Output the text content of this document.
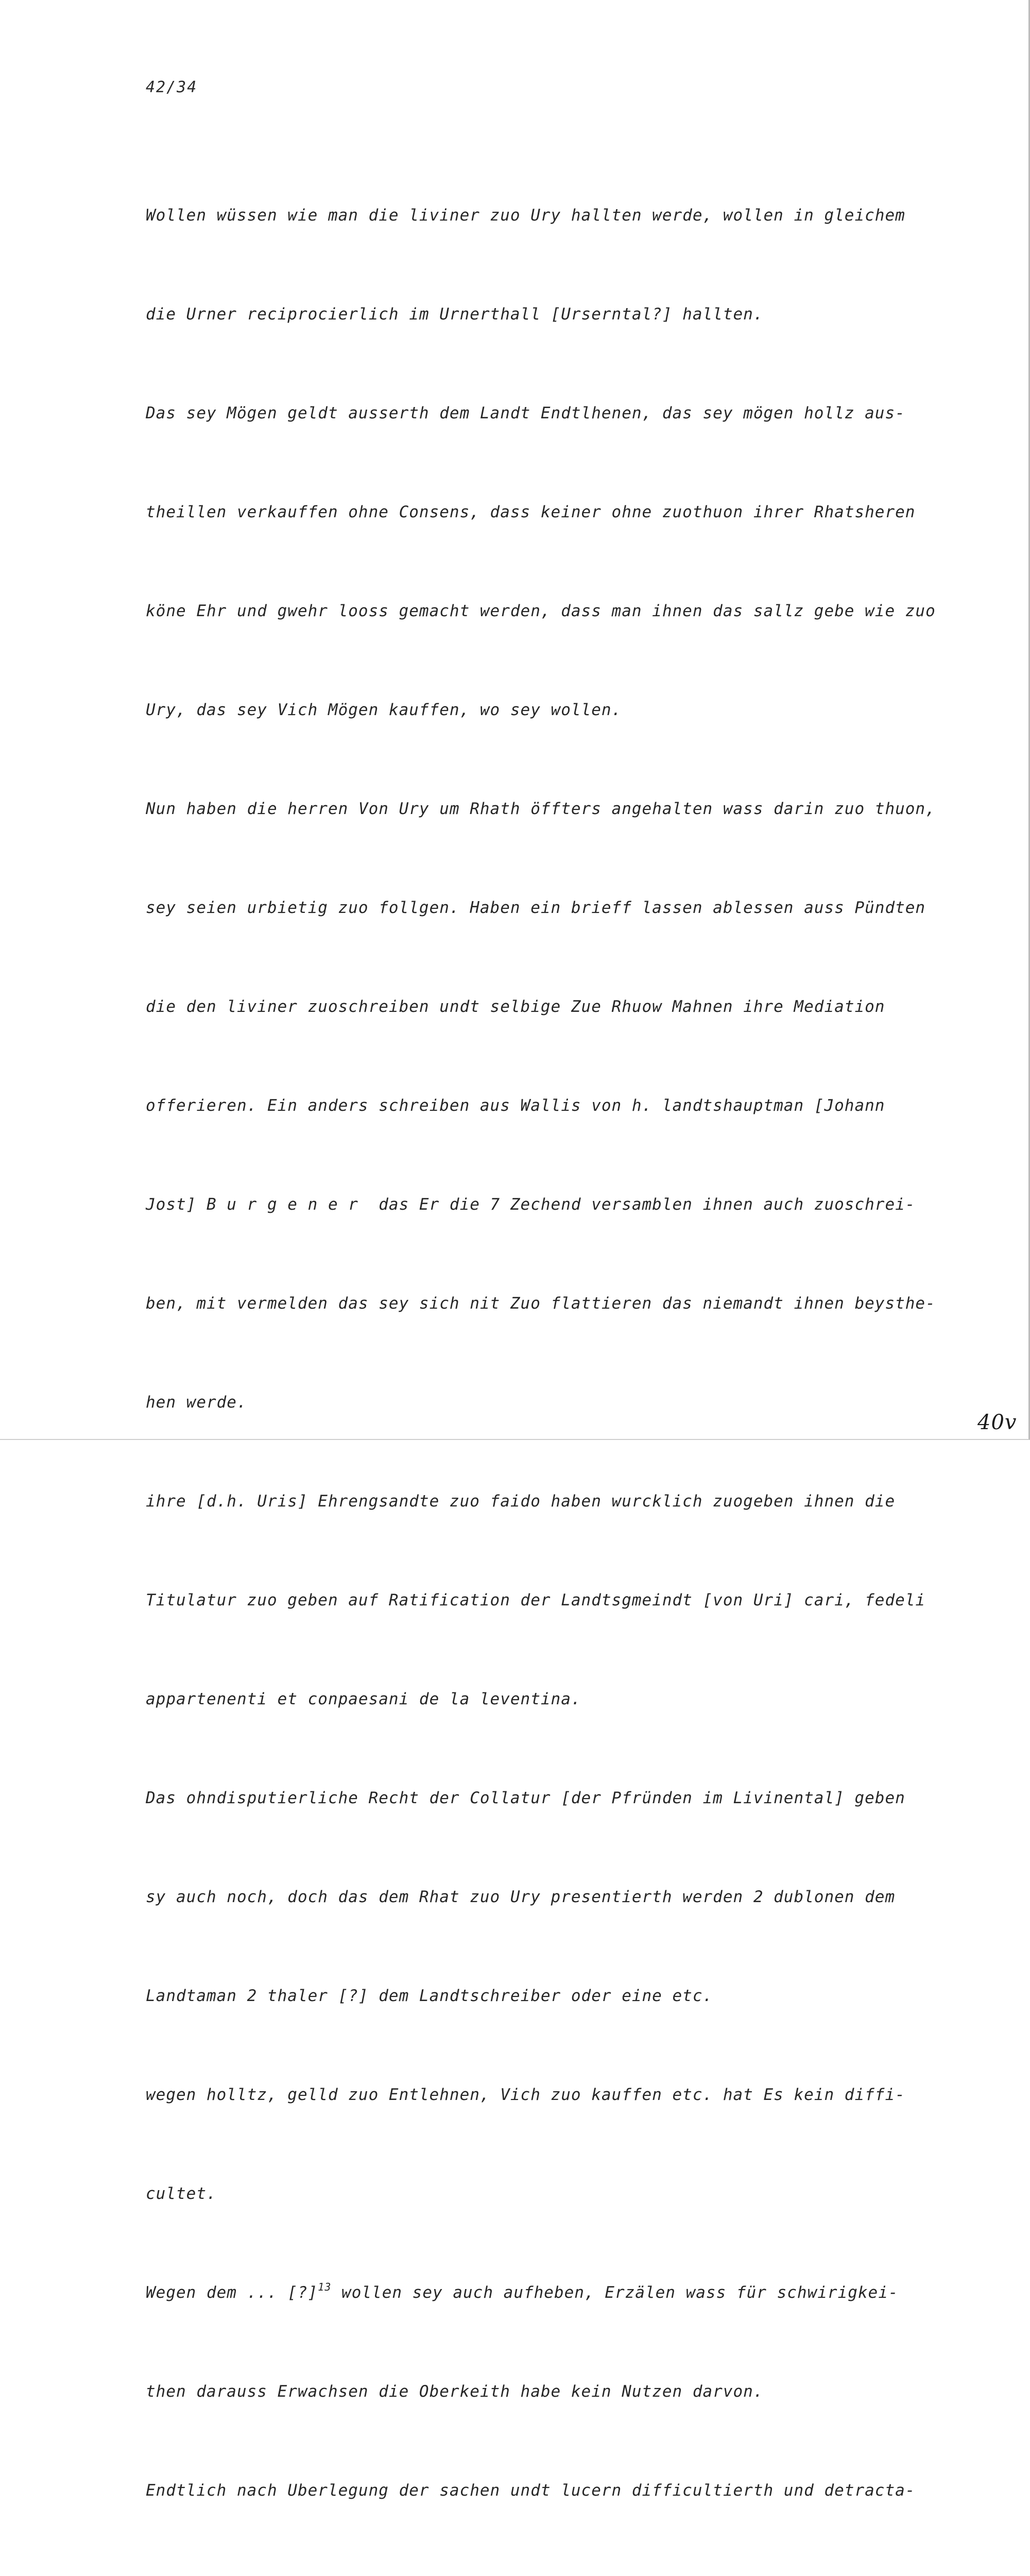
42/34

Wollen wüssen wie man die liviner zuo Ury hallten werde, wollen in gleichem

die Urner reciprocierlich im Urnerthall [Urserntal?] hallten.

Das sey Mögen geldt ausserth dem Landt Endtlhenen, das sey mögen hollz aus-

theillen verkauffen ohne Consens, dass keiner ohne zuothuon ihrer Rhatsheren

köne Ehr und gwehr looss gemacht werden, dass man ihnen das sallz gebe wie zuo

Ury, das sey Vich Mögen kauffen, wo sey wollen.

Nun haben die herren Von Ury um Rhath öffters angehalten wass darin zuo thuon,

sey seien urbietig zuo follgen. Haben ein brieff lassen ablessen auss Pündten

die den liviner zuoschreiben undt selbige Zue Rhuow Mahnen ihre Mediation

offerieren. Ein anders schreiben aus Wallis von h. landtshauptman [Johann

Jost] B u r g e n e r  das Er die 7 Zechend versamblen ihnen auch zuoschrei-

ben, mit vermelden das sey sich nit Zuo flattieren das niemandt ihnen beysthe-

hen werde.

ihre [d.h. Uris] Ehrengsandte zuo faido haben wurcklich zuogeben ihnen die

Titulatur zuo geben auf Ratification der Landtsgmeindt [von Uri] cari, fedeli

appartenenti et conpaesani de la leventina.

Das ohndisputierliche Recht der Collatur [der Pfründen im Livinental] geben

sy auch noch, doch das dem Rhat zuo Ury presentierth werden 2 dublonen dem

Landtaman 2 thaler [?] dem Landtschreiber oder eine etc.

wegen holltz, gelld zuo Entlehnen, Vich zuo kauffen etc. hat Es kein diffi-

cultet.

Wegen dem ... [?]$^{13}$ wollen sey auch aufheben, Erzälen wass für schwirigkei-

then darauss Erwachsen die Oberkeith habe kein Nutzen darvon.

Endtlich nach Uberlegung der sachen undt lucern difficultierth und detracta-

40v
